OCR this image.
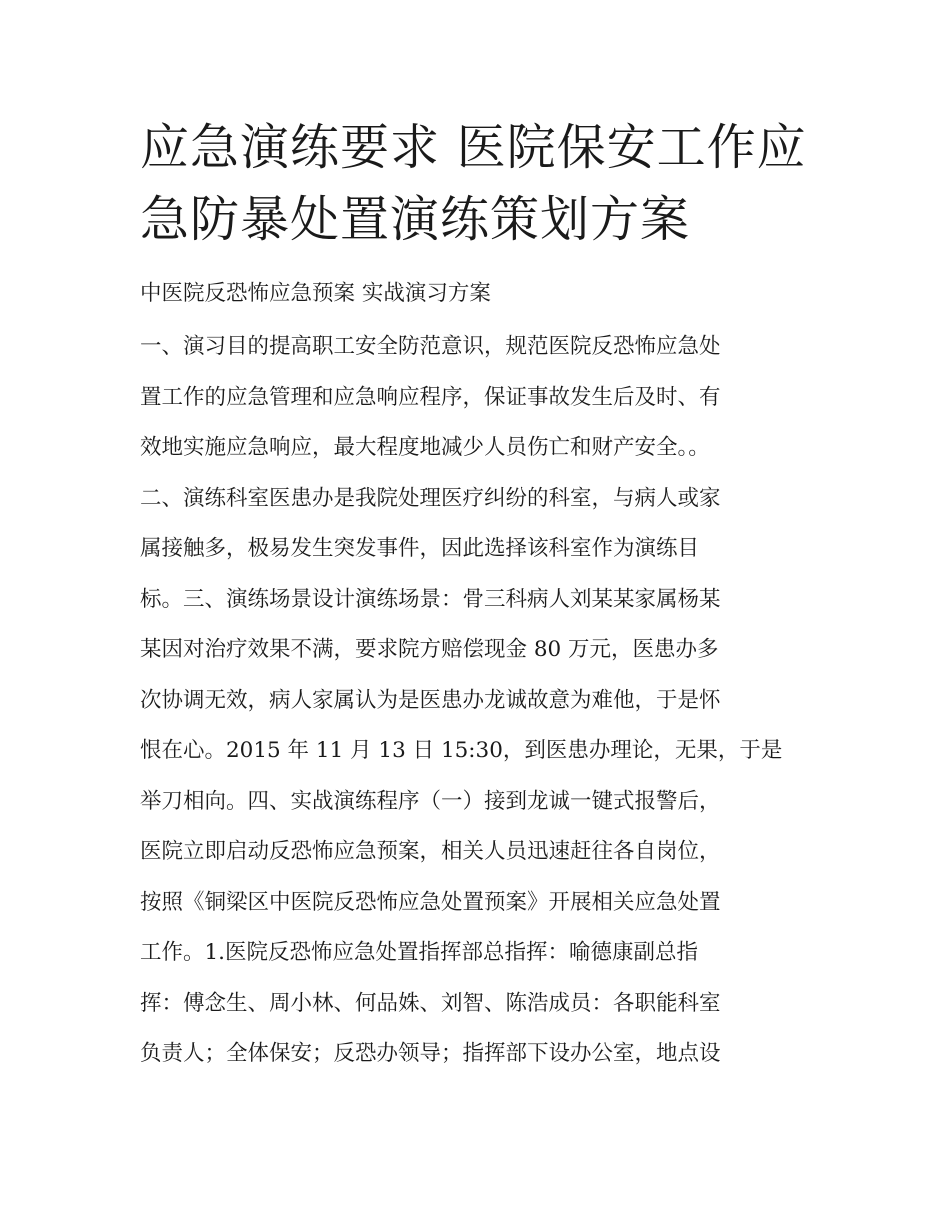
应急演练要求 医院保安工作应
急防暴处置演练策划方案
中医院反恐怖应急预案 实战演习方案
一、演习目的提高职工安全防范意识，规范医院反恐怖应急处
置工作的应急管理和应急响应程序，保证事故发生后及时、有
效地实施应急响应，最大程度地减少人员伤亡和财产安全。。
二、演练科室医患办是我院处理医疗纠纷的科室，与病人或家
属接触多，极易发生突发事件，因此选择该科室作为演练目
标。三、演练场景设计演练场景：骨三科病人刘某某家属杨某
某因对治疗效果不满，要求院方赔偿现金 80 万元，医患办多
次协调无效，病人家属认为是医患办龙诚故意为难他，于是怀
恨在心。2015 年 11 月 13 日 15:30，到医患办理论，无果，于是
举刀相向。四、实战演练程序（一）接到龙诚一键式报警后，
医院立即启动反恐怖应急预案，相关人员迅速赶往各自岗位，
按照《铜梁区中医院反恐怖应急处置预案》开展相关应急处置
工作。1.医院反恐怖应急处置指挥部总指挥：喻德康副总指
挥：傅念生、周小林、何品姝、刘智、陈浩成员：各职能科室
负责人；全体保安；反恐办领导；指挥部下设办公室，地点设
